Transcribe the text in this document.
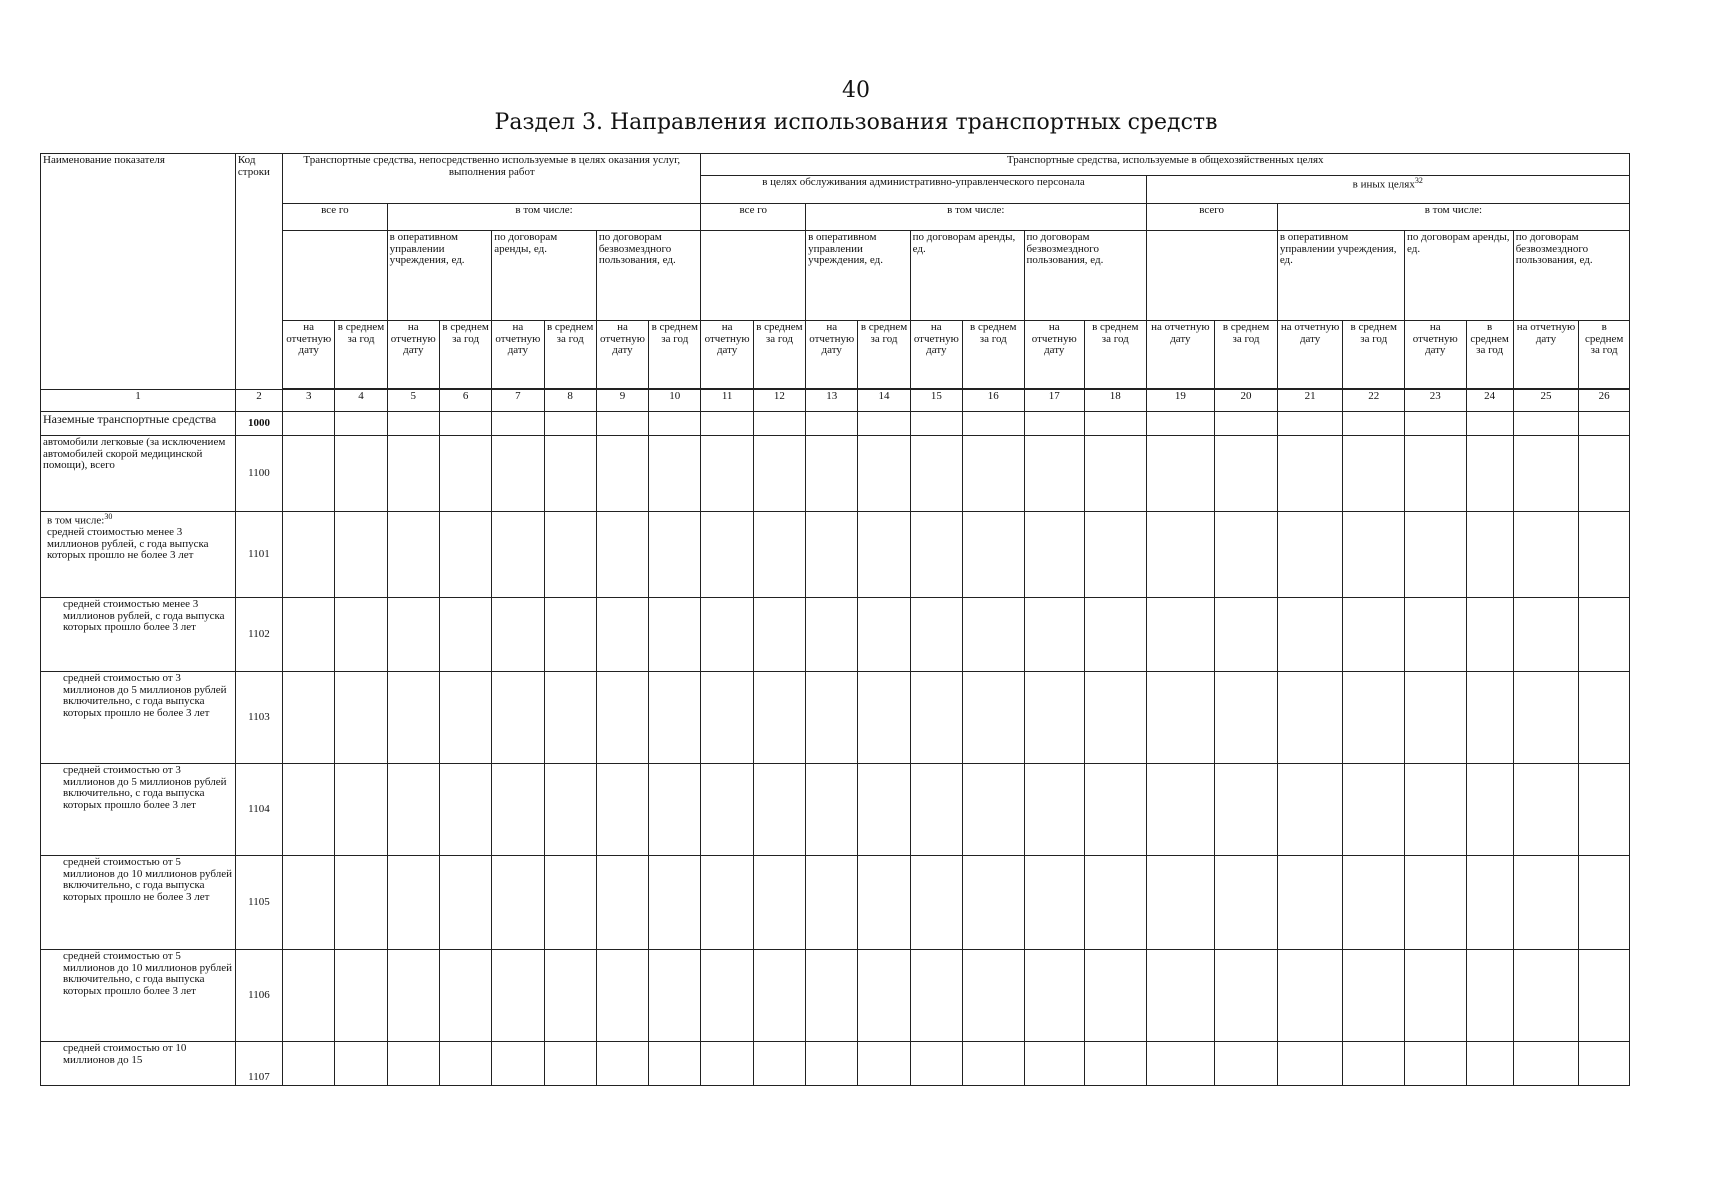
40
Раздел 3. Направления использования транспортных средств
Наименование показателя	Код строки	Транспортные средства, непосредственно используемые в целях оказания услуг, выполнения работ								Транспортные средства, используемые в общехозяйственных целях															
										в целях обслуживания административно-управленческого персонала								в иных целях$^{32}$
		все го		в том числе:						все го		в том числе:						всего		в том числе:					
				в оперативном управлении учреждения, ед.		по договорам аренды, ед.		по договорам безвозмездного пользования, ед.				в оперативном управлении учреждения, ед.		по договорам аренды, ед.		по договорам безвозмездного пользования, ед.				в оперативном управлении учреждения, ед.		по договорам аренды, ед.		по договорам безвозмездного пользования, ед.	
		на отчетную дату	в среднем за год	на отчетную дату	в среднем за год	на отчетную дату	в среднем за год	на отчетную дату	в среднем за год	на отчетную дату	в среднем за год	на отчетную дату	в среднем за год	на отчетную дату	в среднем за год	на отчетную дату	в среднем за год	на отчетную дату	в среднем за год	на отчетную дату	в среднем за год	на отчетную дату	в среднем за год	на отчетную дату	в среднем за год

1	2	3	4	5	6	7	8	9	10	11	12	13	14	15	16	17	18	19	20	21	22	23	24	25	26
Наземные транспортные средства	1000																								
автомобили легковые (за исключением автомобилей скорой медицинской помощи), всего	1100																								
в том числе:$^{30}$
средней стоимостью менее 3 миллионов рублей, с года выпуска которых прошло не более 3 лет	1101																								
средней стоимостью менее 3 миллионов рублей, с года выпуска которых прошло более 3 лет	1102																								
средней стоимостью от 3 миллионов до 5 миллионов рублей включительно, с года выпуска которых прошло не более 3 лет	1103																								
средней стоимостью от 3 миллионов до 5 миллионов рублей включительно, с года выпуска которых прошло более 3 лет	1104																								
средней стоимостью от 5 миллионов до 10 миллионов рублей включительно, с года выпуска которых прошло не более 3 лет	1105																								
средней стоимостью от 5 миллионов до 10 миллионов рублей включительно, с года выпуска которых прошло более 3 лет	1106																								
средней стоимостью от 10 миллионов до 15	1107																								
